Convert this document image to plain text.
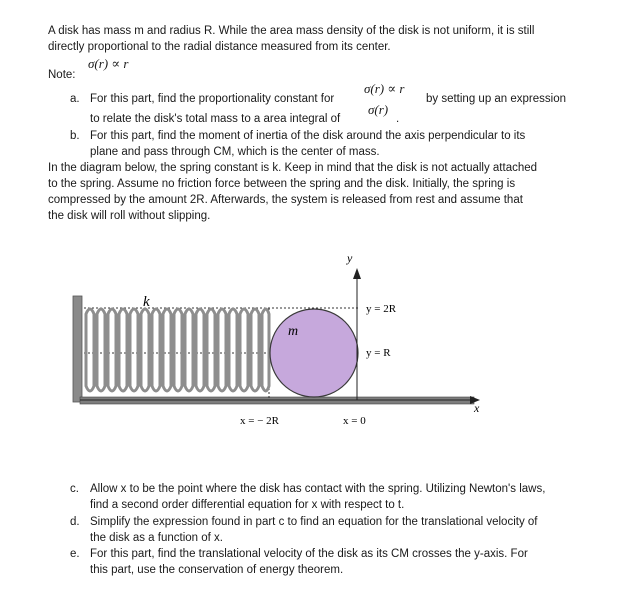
A disk has mass m and radius R. While the area mass density of the disk is not uniform, it is still
directly proportional to the radial distance measured from its center.
Note:
σ(r) ∝ r
a. For this part, find the proportionality constant for
σ(r) ∝ r
by setting up an expression
to relate the disk's total mass to a area integral of
σ(r)
.
b. For this part, find the moment of inertia of the disk around the axis perpendicular to its
plane and pass through CM, which is the center of mass.
In the diagram below, the spring constant is k. Keep in mind that the disk is not actually attached
to the spring. Assume no friction force between the spring and the disk. Initially, the spring is
compressed by the amount 2R. Afterwards, the system is released from rest and assume that
the disk will roll without slipping.
k
m
y
x
y = 2R
y = R
x = − 2R	x = 0
c. Allow x to be the point where the disk has contact with the spring. Utilizing Newton's laws,
find a second order differential equation for x with respect to t.
d. Simplify the expression found in part c to find an equation for the translational velocity of
the disk as a function of x.
e. For this part, find the translational velocity of the disk as its CM crosses the y-axis. For
this part, use the conservation of energy theorem.
